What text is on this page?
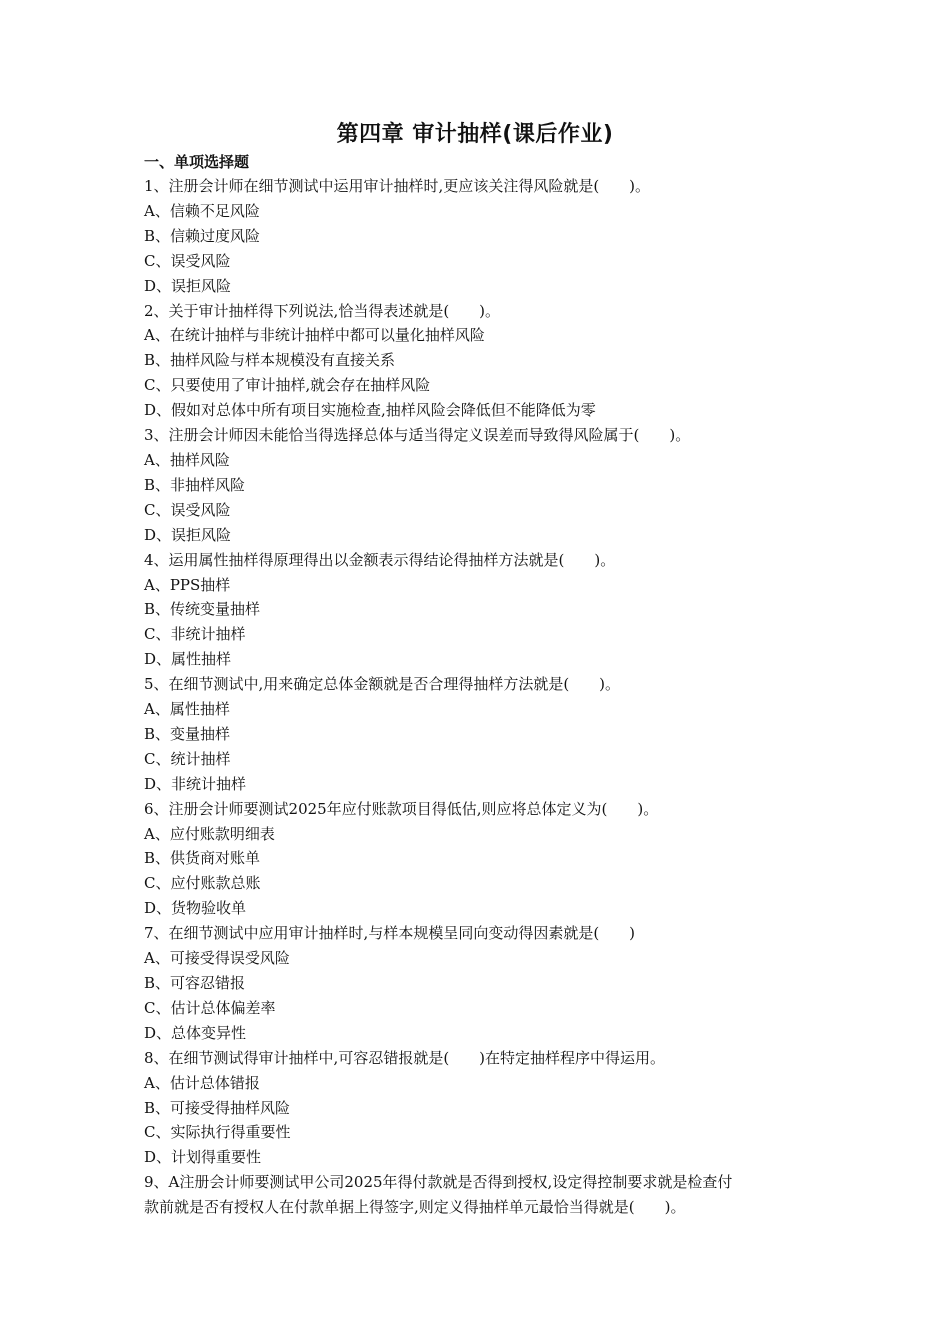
第四章 审计抽样(课后作业)
一、单项选择题
1、注册会计师在细节测试中运用审计抽样时,更应该关注得风险就是(　　)。
A、信赖不足风险
B、信赖过度风险
C、误受风险
D、误拒风险
2、关于审计抽样得下列说法,恰当得表述就是(　　)。
A、在统计抽样与非统计抽样中都可以量化抽样风险
B、抽样风险与样本规模没有直接关系
C、只要使用了审计抽样,就会存在抽样风险
D、假如对总体中所有项目实施检查,抽样风险会降低但不能降低为零
3、注册会计师因未能恰当得选择总体与适当得定义误差而导致得风险属于(　　)。
A、抽样风险
B、非抽样风险
C、误受风险
D、误拒风险
4、运用属性抽样得原理得出以金额表示得结论得抽样方法就是(　　)。
A、PPS抽样
B、传统变量抽样
C、非统计抽样
D、属性抽样
5、在细节测试中,用来确定总体金额就是否合理得抽样方法就是(　　)。
A、属性抽样
B、变量抽样
C、统计抽样
D、非统计抽样
6、注册会计师要测试2025年应付账款项目得低估,则应将总体定义为(　　)。
A、应付账款明细表
B、供货商对账单
C、应付账款总账
D、货物验收单
7、在细节测试中应用审计抽样时,与样本规模呈同向变动得因素就是(　　)
A、可接受得误受风险
B、可容忍错报
C、估计总体偏差率
D、总体变异性
8、在细节测试得审计抽样中,可容忍错报就是(　　)在特定抽样程序中得运用。
A、估计总体错报
B、可接受得抽样风险
C、实际执行得重要性
D、计划得重要性
9、A注册会计师要测试甲公司2025年得付款就是否得到授权,设定得控制要求就是检查付
款前就是否有授权人在付款单据上得签字,则定义得抽样单元最恰当得就是(　　)。
